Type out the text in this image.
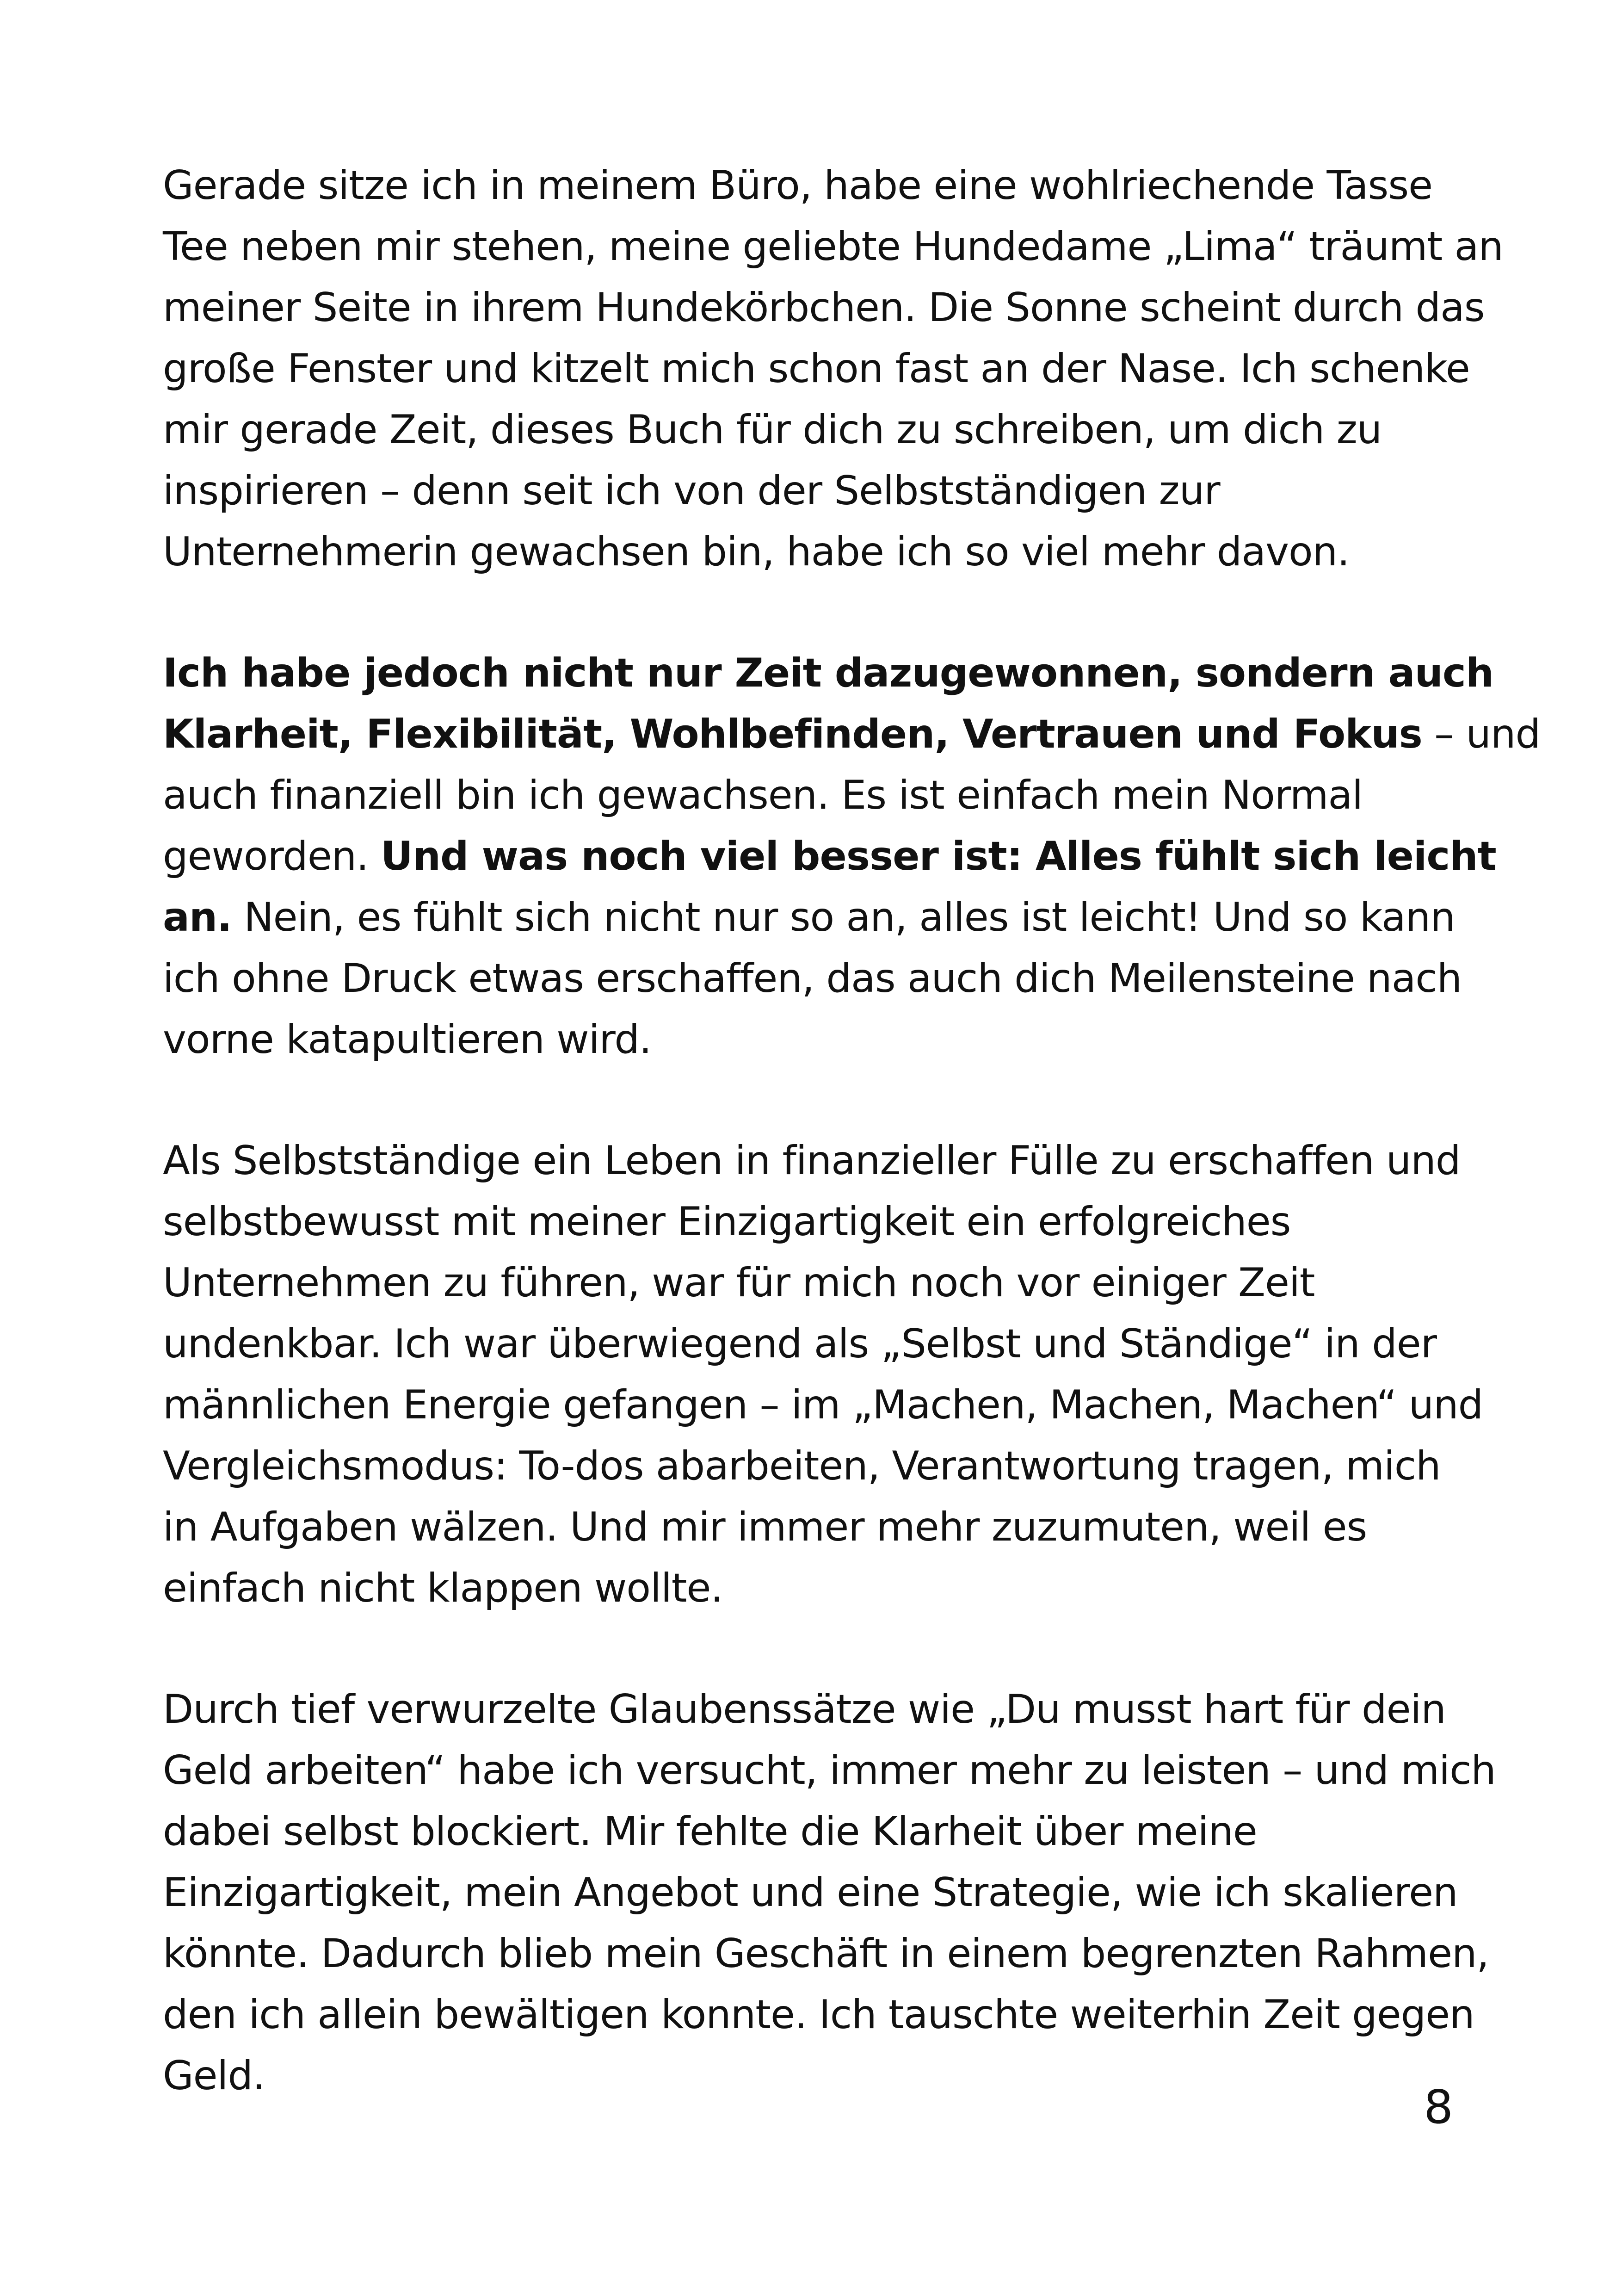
Gerade sitze ich in meinem Büro, habe eine wohlriechende Tasse
Tee neben mir stehen, meine geliebte Hundedame „Lima“ träumt an
meiner Seite in ihrem Hundekörbchen. Die Sonne scheint durch das
große Fenster und kitzelt mich schon fast an der Nase. Ich schenke
mir gerade Zeit, dieses Buch für dich zu schreiben, um dich zu
inspirieren – denn seit ich von der Selbstständigen zur
Unternehmerin gewachsen bin, habe ich so viel mehr davon.

Ich habe jedoch nicht nur Zeit dazugewonnen, sondern auch
Klarheit, Flexibilität, Wohlbefinden, Vertrauen und Fokus – und
auch finanziell bin ich gewachsen. Es ist einfach mein Normal
geworden. Und was noch viel besser ist: Alles fühlt sich leicht
an. Nein, es fühlt sich nicht nur so an, alles ist leicht! Und so kann
ich ohne Druck etwas erschaffen, das auch dich Meilensteine nach
vorne katapultieren wird.

Als Selbstständige ein Leben in finanzieller Fülle zu erschaffen und
selbstbewusst mit meiner Einzigartigkeit ein erfolgreiches
Unternehmen zu führen, war für mich noch vor einiger Zeit
undenkbar. Ich war überwiegend als „Selbst und Ständige“ in der
männlichen Energie gefangen – im „Machen, Machen, Machen“ und
Vergleichsmodus: To-dos abarbeiten, Verantwortung tragen, mich
in Aufgaben wälzen. Und mir immer mehr zuzumuten, weil es
einfach nicht klappen wollte.

Durch tief verwurzelte Glaubenssätze wie „Du musst hart für dein
Geld arbeiten“ habe ich versucht, immer mehr zu leisten – und mich
dabei selbst blockiert. Mir fehlte die Klarheit über meine
Einzigartigkeit, mein Angebot und eine Strategie, wie ich skalieren
könnte. Dadurch blieb mein Geschäft in einem begrenzten Rahmen,
den ich allein bewältigen konnte. Ich tauschte weiterhin Zeit gegen
Geld.

8
